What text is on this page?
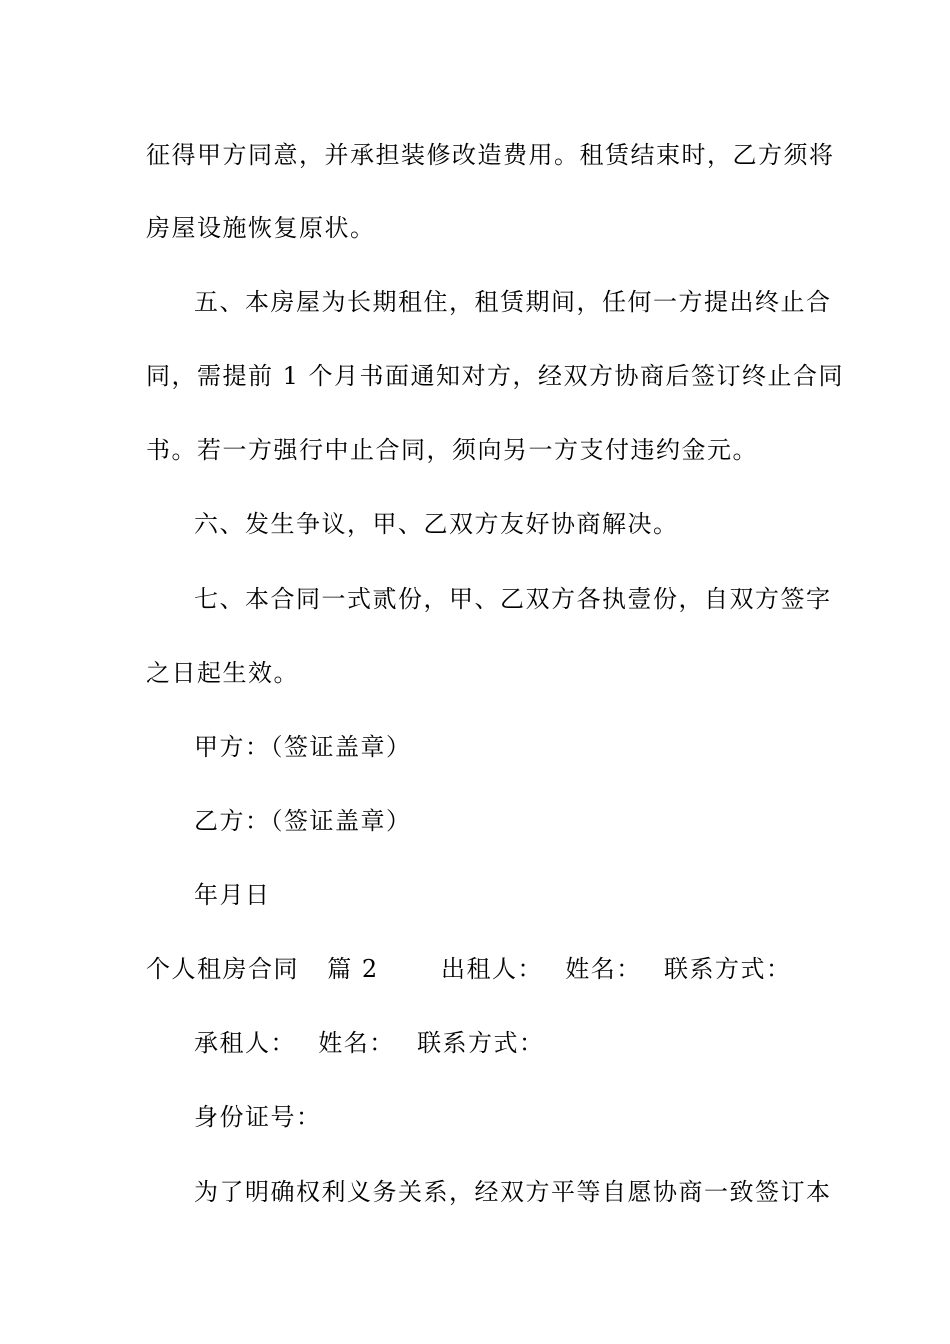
征得甲方同意，并承担装修改造费用。租赁结束时，乙方须将
房屋设施恢复原状。
五、本房屋为长期租住，租赁期间，任何一方提出终止合
同，需提前 1 个月书面通知对方，经双方协商后签订终止合同
书。若一方强行中止合同，须向另一方支付违约金元。
六、发生争议，甲、乙双方友好协商解决。
七、本合同一式贰份，甲、乙双方各执壹份，自双方签字
之日起生效。
甲方：（签证盖章）
乙方：（签证盖章）
年月日
个人租房合同 篇 2	出租人： 姓名： 联系方式：
承租人： 姓名： 联系方式：
身份证号：
为了明确权利义务关系，经双方平等自愿协商一致签订本
